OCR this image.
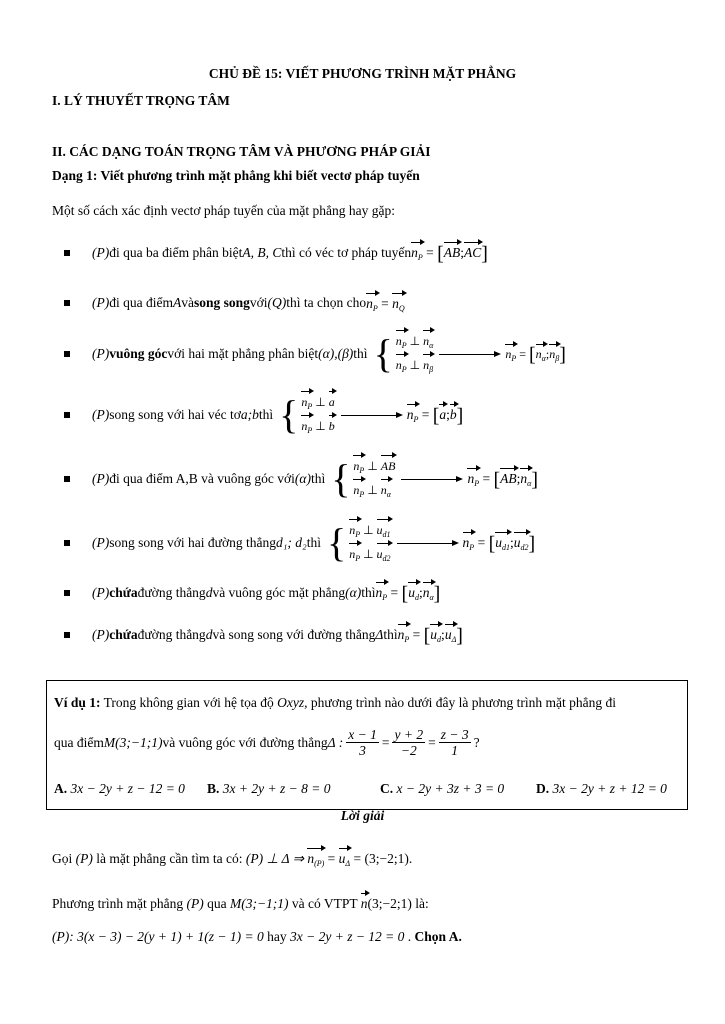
CHỦ ĐỀ 15: VIẾT PHƯƠNG TRÌNH MẶT PHẲNG
I. LÝ THUYẾT TRỌNG TÂM
II. CÁC DẠNG TOÁN TRỌNG TÂM VÀ PHƯƠNG PHÁP GIẢI
Dạng 1: Viết phương trình mặt phẳng khi biết vectơ pháp tuyến
Một số cách xác định vectơ pháp tuyến của mặt phẳng hay gặp:
(P) đi qua ba điểm phân biệt A, B, C thì có véc tơ pháp tuyến $n_P$ = [AB;AC]
(P) đi qua điểm A và song song với (Q) thì ta chọn cho $n_P = n_Q$
(P) vuông góc với hai mặt phẳng phân biệt (α),(β) thì { $n_P$ ⊥ $n_\alpha$
$n_P$ ⊥ $n_\beta$
$n_P$ = $[n_\alpha;n_\beta]$
(P) song song với hai véc tơ a;b thì { $n_P$ ⊥ a
$n_P$ ⊥ b
$n_P$ = [a;b]
(P) đi qua điểm A,B và vuông góc với (α) thì { $n_P$ ⊥ AB
$n_P$ ⊥ $n_\alpha$
$n_P$ = $[AB;n_\alpha]$
(P) song song với hai đường thẳng d₁; d₂ thì { $n_P$ ⊥ $u_{d1}$
$n_P$ ⊥ $u_{d2}$
$n_P$ = $[u_{d1};u_{d2}]$
(P) chứa đường thẳng d và vuông góc mặt phẳng (α) thì $n_P$ = $[u_d;n_\alpha]$
(P) chứa đường thẳng d và song song với đường thẳng Δ thì $n_P$ = $[u_d;u_\Delta]$
Ví dụ 1: Trong không gian với hệ tọa độ Oxyz, phương trình nào dưới đây là phương trình mặt phẳng đi
qua điểm M(3;−1;1) và vuông góc với đường thẳng Δ : $\frac{x - 1}{3} = \frac{y + 2}{-2} = \frac{z - 3}{1}$ ?
A. 3x − 2y + z − 12 = 0 B. 3x + 2y + z − 8 = 0	C. x − 2y + 3z + 3 = 0 D. 3x − 2y + z + 12 = 0
Lời giải
Gọi (P) là mặt phẳng cần tìm ta có: (P) ⊥ Δ ⇒ $n_{(P)} = u_\Delta$ = (3;−2;1).
Phương trình mặt phẳng (P) qua M(3;−1;1) và có VTPT n(3;−2;1) là:
(P): 3(x − 3) − 2(y + 1) + 1(z − 1) = 0 hay 3x − 2y + z − 12 = 0 . Chọn A.
